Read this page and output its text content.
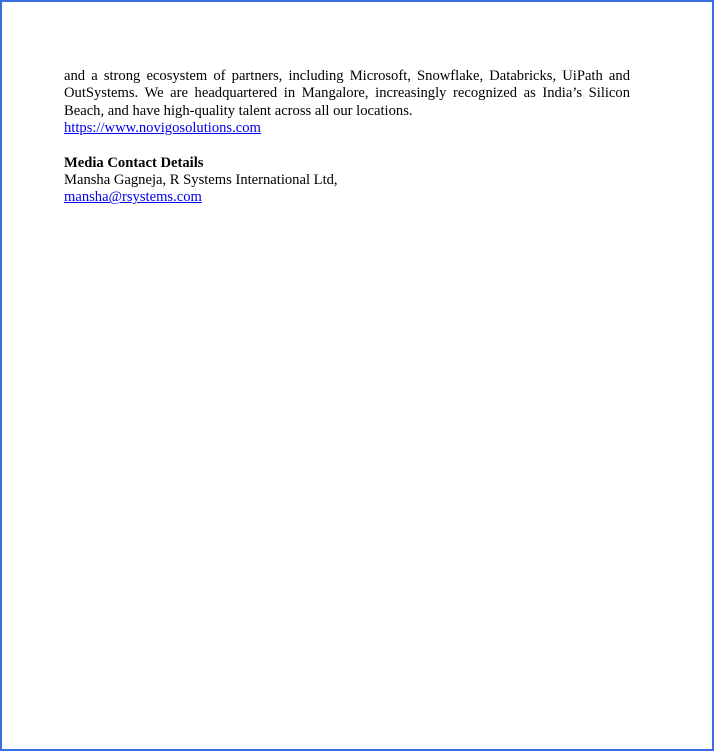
and a strong ecosystem of partners, including Microsoft, Snowflake, Databricks, UiPath and OutSystems. We are headquartered in Mangalore, increasingly recognized as India’s Silicon Beach, and have high-quality talent across all our locations.

https://www.novigosolutions.com
Media Contact Details
Mansha Gagneja, R Systems International Ltd,
mansha@rsystems.com
